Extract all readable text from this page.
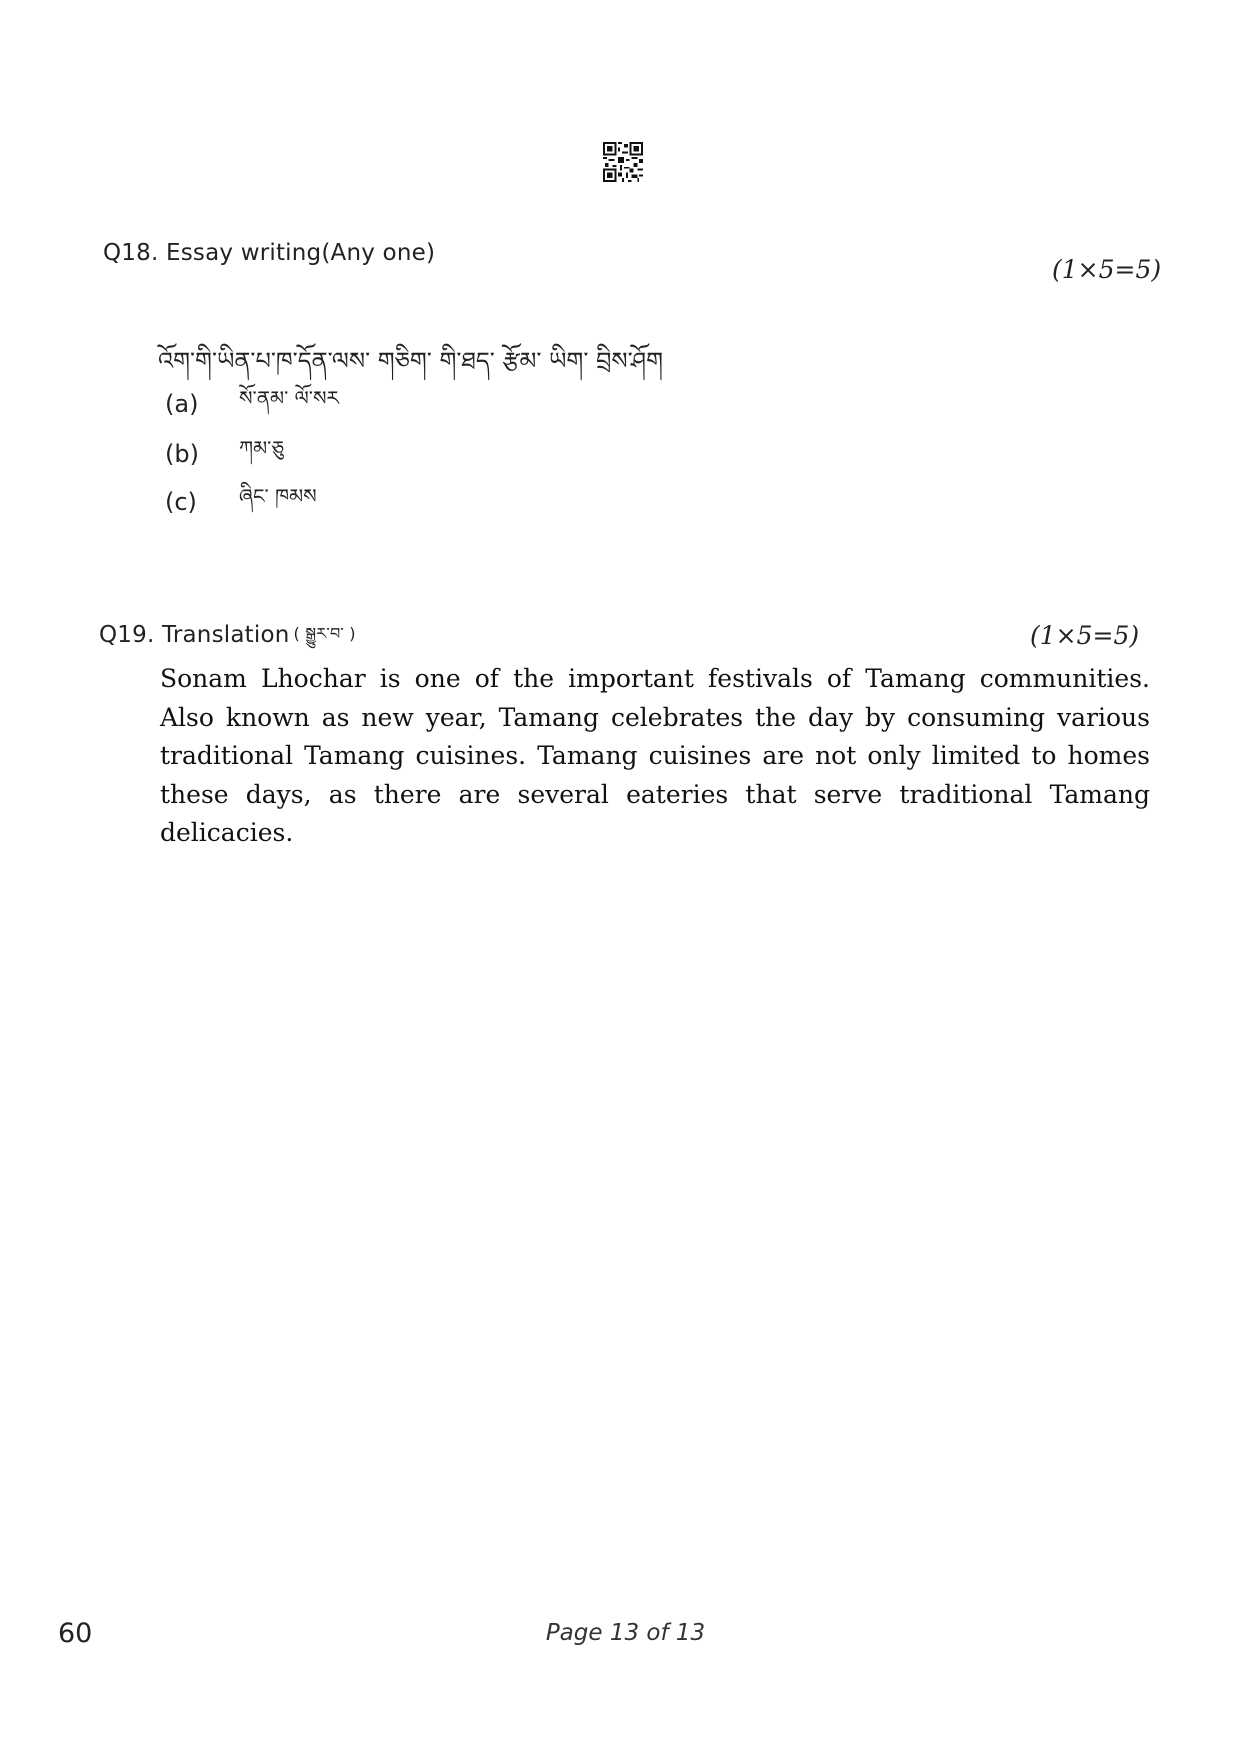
Q18. Essay writing(Any one)
(1×5=5)
འོག་གི་ཡིན་པ་ཁ་དོན་ལས་ གཅིག་ གི་ཐད་ རྩོམ་ ཡིག་ བྲིས་ཤོག
(a)	སོ་ནམ་ ལོ་སར
(b)	ཀམ་ཅུ
(c)	ཞིང་ ཁམས
Q19. Translation ( སྒྱུར་བ་ )	(1×5=5)

Sonam Lhochar is one of the important festivals of Tamang communities. Also known as new year, Tamang celebrates the day by consuming various traditional Tamang cuisines. Tamang cuisines are not only limited to homes these days, as there are several eateries that serve traditional Tamang delicacies.

60	Page 13 of 13
